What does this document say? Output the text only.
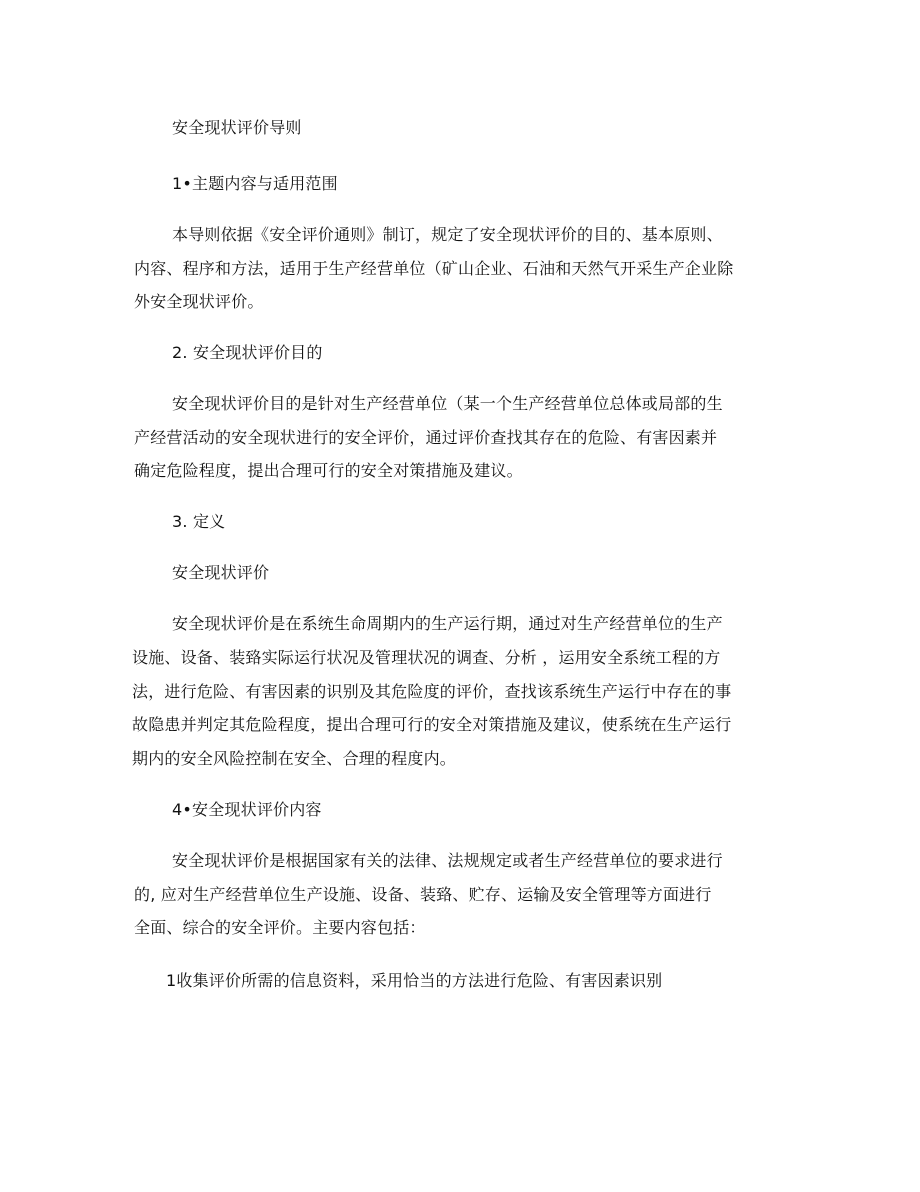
安全现状评价导则
1•主题内容与适用范围
本导则依据《安全评价通则》制订，规定了安全现状评价的目的、基本原则、
内容、程序和方法，适用于生产经营单位（矿山企业、石油和天然气开采生产企业除
外安全现状评价。
2. 安全现状评价目的
安全现状评价目的是针对生产经营单位（某一个生产经营单位总体或局部的生
产经营活动的安全现状进行的安全评价，通过评价查找其存在的危险、有害因素并
确定危险程度，提出合理可行的安全对策措施及建议。
3. 定义
安全现状评价
安全现状评价是在系统生命周期内的生产运行期，通过对生产经营单位的生产
设施、设备、装臵实际运行状况及管理状况的调查、分析 ，运用安全系统工程的方
法，进行危险、有害因素的识别及其危险度的评价，查找该系统生产运行中存在的事
故隐患并判定其危险程度，提出合理可行的安全对策措施及建议，使系统在生产运行
期内的安全风险控制在安全、合理的程度内。
4•安全现状评价内容
安全现状评价是根据国家有关的法律、法规规定或者生产经营单位的要求进行
的, 应对生产经营单位生产设施、设备、装臵、贮存、运输及安全管理等方面进行
全面、综合的安全评价。主要内容包括：
1收集评价所需的信息资料，采用恰当的方法进行危险、有害因素识别
